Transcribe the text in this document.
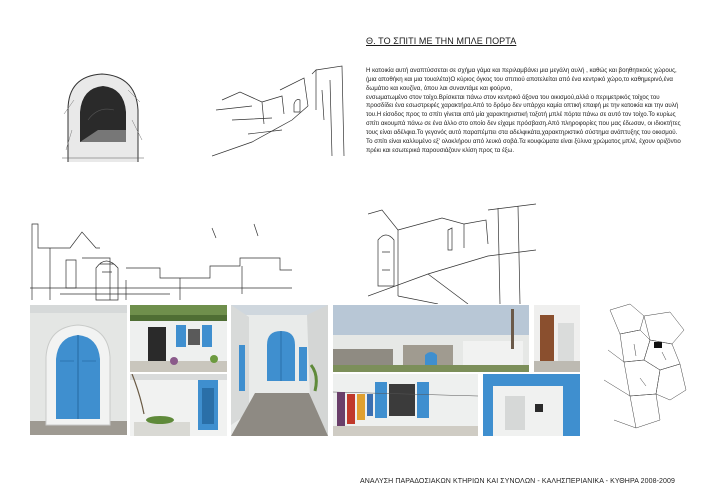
Θ. ΤΟ ΣΠΙΤΙ ΜΕ ΤΗΝ ΜΠΛΕ ΠΟΡΤΑ

Η κατοικία αυτή αναπτύσσεται σε σχήμα γάμα και περιλαμβάνει μια μεγάλη αυλή , καθώς και βοηθητικούς χώρους,(μια αποθήκη και μια τουαλέτα)Ο κύριος όγκος του σπιτιού αποτελείται από ένα κεντρικό χώρο,το καθημερινό,ένα δωμάτιο και κουζίνα, όπου λαι συναντάμε και φούρνο,

ενσωματωμένο στον τοίχο.Βρίσκεται πάνω στον κεντρικό άξονα του οικισμού,αλλά ο περιμετρικός τοίχος του προσδίδει ένα εσωστρεφές χαρακτήρα.Από το δρόμο δεν υπάρχει καμία οπτική επαφή με την κατοικία και την αυλή του.Η είσοδος προς το σπίτι γίνεται από μία χαρακτηριστική τοξοτή μπλέ πόρτα πάνω σε αυτό τον τοίχο.Το κυρίως σπίτι ακουμπά πάνω σε ένα άλλο στο οποίο δεν είχαμε πρόσβαση.Από πληροφορίες που μας έδωσαν, οι ιδιοκτήτες τους είναι αδέλφια.Το γεγονός αυτό παραπέμπει στα αδελφικάτα,χαρακτηριστικό σύστημα ανάπτυξης του οικισμού.

Το σπίτι είναι καλλυμένο εξ' ολοκλήρου από λευκό σοβά.Τα κουφώματα είναι ξύλινα χρώματος μπλέ, έχουν οριζόντιο πρέκι και εσωτερικά παρουσιάζουν κλίση προς τα έξω.

ΑΝΑΛΥΣΗ ΠΑΡΑΔΟΣΙΑΚΩΝ ΚΤΗΡΙΩΝ ΚΑΙ ΣΥΝΟΛΩΝ - ΚΑΛΗΣΠΕΡΙΑΝΙΚΑ - ΚΥΘΗΡΑ 2008-2009
